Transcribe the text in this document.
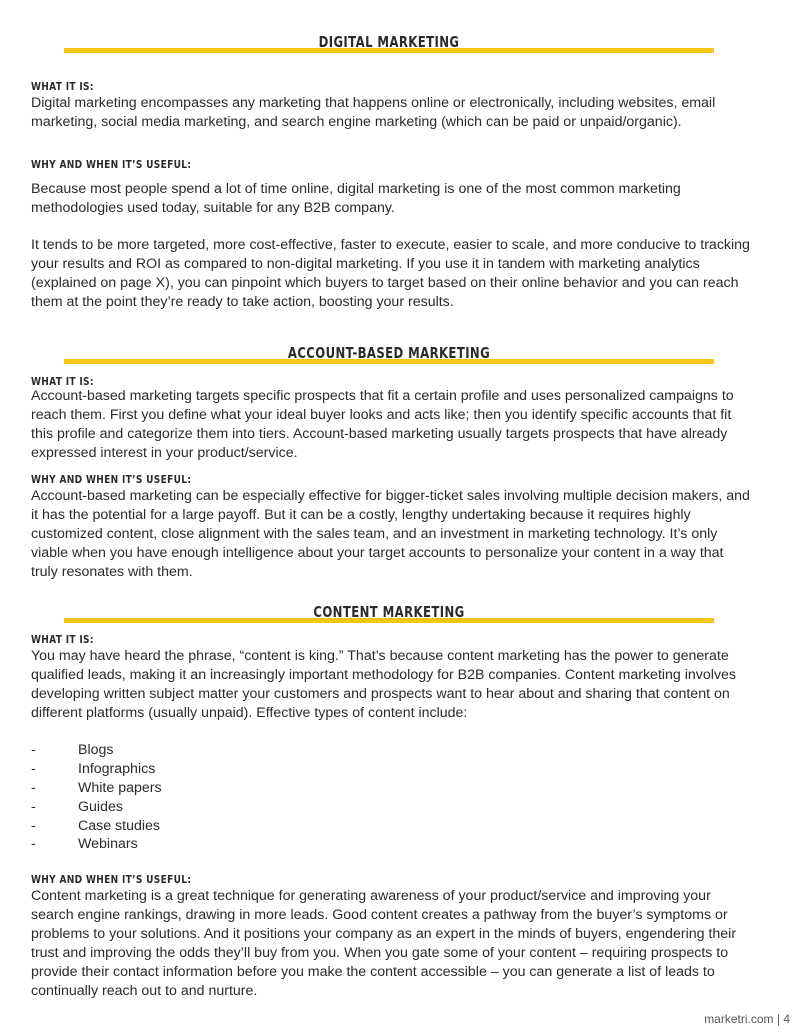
DIGITAL MARKETING
WHAT IT IS:

Digital marketing encompasses any marketing that happens online or electronically, including websites, email marketing, social media marketing, and search engine marketing (which can be paid or unpaid/organic).

WHY AND WHEN IT’S USEFUL:

Because most people spend a lot of time online, digital marketing is one of the most common marketing methodologies used today, suitable for any B2B company.

It tends to be more targeted, more cost-effective, faster to execute, easier to scale, and more conducive to tracking your results and ROI as compared to non-digital marketing. If you use it in tandem with marketing analytics (explained on page X), you can pinpoint which buyers to target based on their online behavior and you can reach them at the point they’re ready to take action, boosting your results.

ACCOUNT-BASED MARKETING
WHAT IT IS:

Account-based marketing targets specific prospects that fit a certain profile and uses personalized campaigns to reach them. First you define what your ideal buyer looks and acts like; then you identify specific accounts that fit this profile and categorize them into tiers. Account-based marketing usually targets prospects that have already expressed interest in your product/service.

WHY AND WHEN IT’S USEFUL:

Account-based marketing can be especially effective for bigger-ticket sales involving multiple decision makers, and it has the potential for a large payoff. But it can be a costly, lengthy undertaking because it requires highly customized content, close alignment with the sales team, and an investment in marketing technology. It’s only viable when you have enough intelligence about your target accounts to personalize your content in a way that truly resonates with them.

CONTENT MARKETING
WHAT IT IS:

You may have heard the phrase, “content is king.” That’s because content marketing has the power to generate qualified leads, making it an increasingly important methodology for B2B companies. Content marketing involves developing written subject matter your customers and prospects want to hear about and sharing that content on different platforms (usually unpaid). Effective types of content include:

-	Blogs
-	Infographics
-	White papers
-	Guides
-	Case studies
-	Webinars
WHY AND WHEN IT’S USEFUL:

Content marketing is a great technique for generating awareness of your product/service and improving your search engine rankings, drawing in more leads. Good content creates a pathway from the buyer’s symptoms or problems to your solutions. And it positions your company as an expert in the minds of buyers, engendering their trust and improving the odds they’ll buy from you. When you gate some of your content – requiring prospects to provide their contact information before you make the content accessible – you can generate a list of leads to continually reach out to and nurture.

marketri.com | 4
